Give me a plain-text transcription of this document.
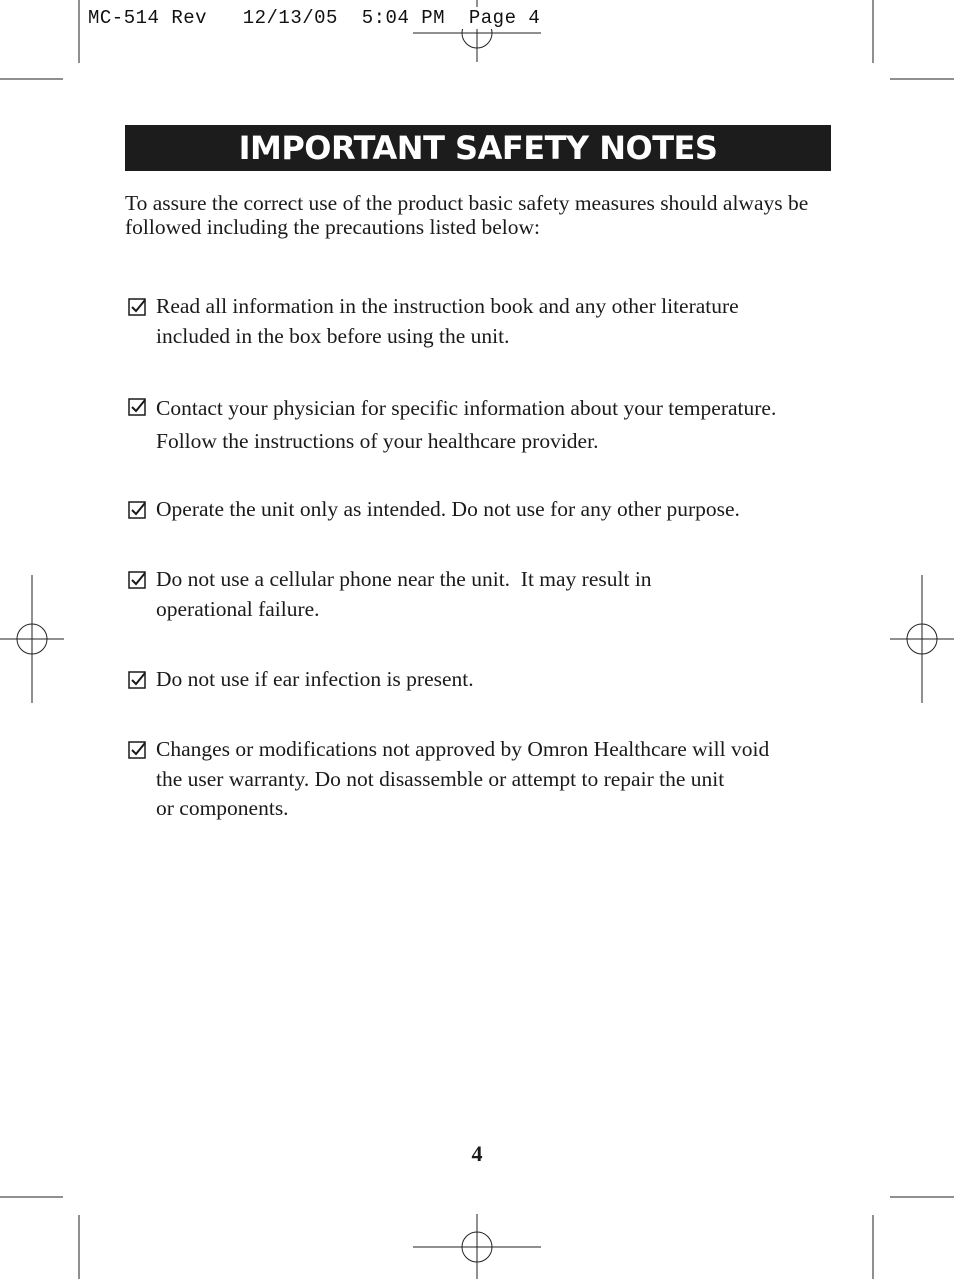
MC-514 Rev   12/13/05  5:04 PM  Page 4
IMPORTANT SAFETY NOTES

To assure the correct use of the product basic safety measures should always be followed including the precautions listed below:

Read all information in the instruction book and any other literature
included in the box before using the unit.
Contact your physician for specific information about your temperature.
Follow the instructions of your healthcare provider.
Operate the unit only as intended. Do not use for any other purpose.
Do not use a cellular phone near the unit.  It may result in
operational failure.
Do not use if ear infection is present.
Changes or modifications not approved by Omron Healthcare will void
the user warranty. Do not disassemble or attempt to repair the unit
or components.
4
